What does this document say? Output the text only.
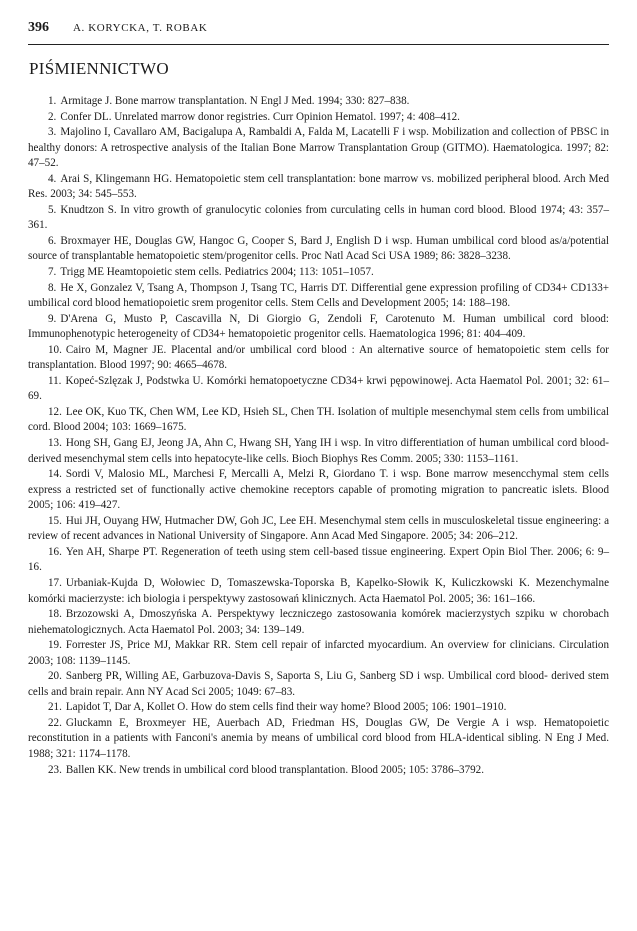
396 A. KORYCKA, T. ROBAK
PIŚMIENNICTWO
1. Armitage J. Bone marrow transplantation. N Engl J Med. 1994; 330: 827–838.
2. Confer DL. Unrelated marrow donor registries. Curr Opinion Hematol. 1997; 4: 408–412.
3. Majolino I, Cavallaro AM, Bacigalupa A, Rambaldi A, Falda M, Lacatelli F i wsp. Mobilization and collection of PBSC in healthy donors: A retrospective analysis of the Italian Bone Marrow Transplantation Group (GITMO). Haematologica. 1997; 82: 47–52.
4. Arai S, Klingemann HG. Hematopoietic stem cell transplantation: bone marrow vs. mobilized peripheral blood. Arch Med Res. 2003; 34: 545–553.
5. Knudtzon S. In vitro growth of granulocytic colonies from curculating cells in human cord blood. Blood 1974; 43: 357–361.
6. Broxmayer HE, Douglas GW, Hangoc G, Cooper S, Bard J, English D i wsp. Human umbilical cord blood as/a/potential source of transplantable hematopoietic stem/progenitor cells. Proc Natl Acad Sci USA 1989; 86: 3828–3238.
7. Trigg ME Heamtopoietic stem cells. Pediatrics 2004; 113: 1051–1057.
8. He X, Gonzalez V, Tsang A, Thompson J, Tsang TC, Harris DT. Differential gene expression profiling of CD34+ CD133+ umbilical cord blood hematiopoietic srem progenitor cells. Stem Cells and Development 2005; 14: 188–198.
9. D'Arena G, Musto P, Cascavilla N, Di Giorgio G, Zendoli F, Carotenuto M. Human umbilical cord blood: Immunophenotypic heterogeneity of CD34+ hematopoietic progenitor cells. Haematologica 1996; 81: 404–409.
10. Cairo M, Magner JE. Placental and/or umbilical cord blood : An alternative source of hematopoietic stem cells for transplantation. Blood 1997; 90: 4665–4678.
11. Kopeć-Szlęzak J, Podstwka U. Komórki hematopoetyczne CD34+ krwi pępowinowej. Acta Haematol Pol. 2001; 32: 61–69.
12. Lee OK, Kuo TK, Chen WM, Lee KD, Hsieh SL, Chen TH. Isolation of multiple mesenchymal stem cells from umbilical cord. Blood 2004; 103: 1669–1675.
13. Hong SH, Gang EJ, Jeong JA, Ahn C, Hwang SH, Yang IH i wsp. In vitro differentiation of human umbilical cord blood-derived mesenchymal stem cells into hepatocyte-like cells. Bioch Biophys Res Comm. 2005; 330: 1153–1161.
14. Sordi V, Malosio ML, Marchesi F, Mercalli A, Melzi R, Giordano T. i wsp. Bone marrow mesencchymal stem cells express a restricted set of functionally active chemokine receptors capable of promoting migration to pancreatic islets. Blood 2005; 106: 419–427.
15. Hui JH, Ouyang HW, Hutmacher DW, Goh JC, Lee EH. Mesenchymal stem cells in musculoskeletal tissue engineering: a review of recent advances in National University of Singapore. Ann Acad Med Singapore. 2005; 34: 206–212.
16. Yen AH, Sharpe PT. Regeneration of teeth using stem cell-based tissue engineering. Expert Opin Biol Ther. 2006; 6: 9–16.
17. Urbaniak-Kujda D, Wołowiec D, Tomaszewska-Toporska B, Kapelko-Słowik K, Kuliczkowski K. Mezenchymalne komórki macierzyste: ich biologia i perspektywy zastosowań klinicznych. Acta Haematol Pol. 2005; 36: 161–166.
18. Brzozowski A, Dmoszyńska A. Perspektywy leczniczego zastosowania komórek macierzystych szpiku w chorobach niehematologicznych. Acta Haematol Pol. 2003; 34: 139–149.
19. Forrester JS, Price MJ, Makkar RR. Stem cell repair of infarcted myocardium. An overview for clinicians. Circulation 2003; 108: 1139–1145.
20. Sanberg PR, Willing AE, Garbuzova-Davis S, Saporta S, Liu G, Sanberg SD i wsp. Umbilical cord blood- derived stem cells and brain repair. Ann NY Acad Sci 2005; 1049: 67–83.
21. Lapidot T, Dar A, Kollet O. How do stem cells find their way home? Blood 2005; 106: 1901–1910.
22. Gluckamn E, Broxmeyer HE, Auerbach AD, Friedman HS, Douglas GW, De Vergie A i wsp. Hematopoietic reconstitution in a patients with Fanconi's anemia by means of umbilical cord blood from HLA-identical sibling. N Eng J Med. 1988; 321: 1174–1178.
23. Ballen KK. New trends in umbilical cord blood transplantation. Blood 2005; 105: 3786–3792.
